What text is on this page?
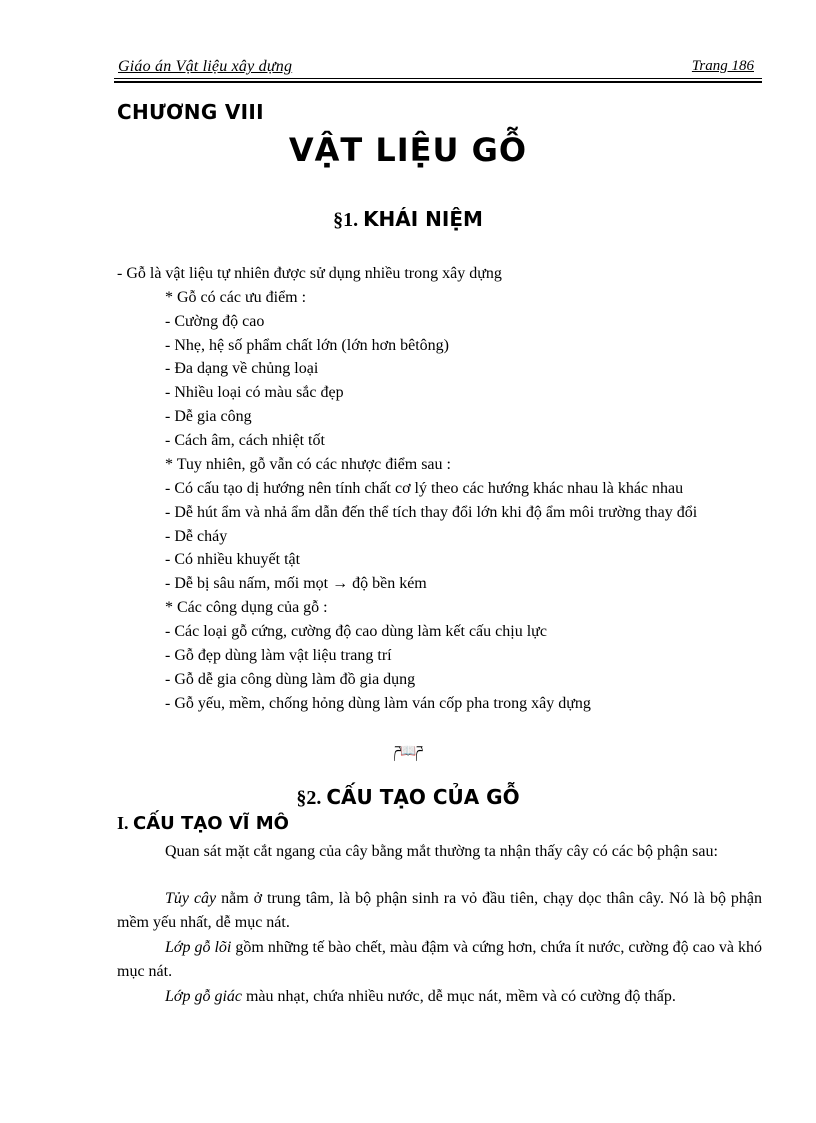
Giáo án Vật liệu xây dựng	Trang 186
CHƯƠNG VIII
VẬT LIỆU GỖ
§1. KHÁI NIỆM
- Gỗ là vật liệu tự nhiên được sử dụng nhiều trong xây dựng
* Gỗ có các ưu điểm :
- Cường độ cao
- Nhẹ, hệ số phẩm chất lớn (lớn hơn bêtông)
- Đa dạng về chủng loại
- Nhiều loại có màu sắc đẹp
- Dễ gia công
- Cách âm, cách nhiệt tốt
* Tuy nhiên, gỗ vẫn có các nhược điểm sau :
- Có cấu tạo dị hướng nên tính chất cơ lý theo các hướng khác nhau là khác nhau
- Dễ hút ẩm và nhả ẩm dẫn đến thể tích thay đổi lớn khi độ ẩm môi trường thay đổi
- Dễ cháy
- Có nhiều khuyết tật
- Dễ bị sâu nấm, mối mọt → độ bền kém
* Các công dụng của gỗ :
- Các loại gỗ cứng, cường độ cao dùng làm kết cấu chịu lực
- Gỗ đẹp dùng làm vật liệu trang trí
- Gỗ dễ gia công dùng làm đồ gia dụng
- Gỗ yếu, mềm, chống hỏng dùng làm ván cốp pha trong xây dựng
ཌ📖ཌ
§2. CẤU TẠO CỦA GỖ
I. CẤU TẠO VĨ MÔ
Quan sát mặt cắt ngang của cây bằng mắt thường ta nhận thấy cây có các bộ phận sau:
Tủy cây nằm ở trung tâm, là bộ phận sinh ra vỏ đầu tiên, chạy dọc thân cây. Nó là bộ phận mềm yếu nhất, dễ mục nát.
Lớp gỗ lõi gồm những tế bào chết, màu đậm và cứng hơn, chứa ít nước, cường độ cao và khó mục nát.
Lớp gỗ giác màu nhạt, chứa nhiều nước, dễ mục nát, mềm và có cường độ thấp.
